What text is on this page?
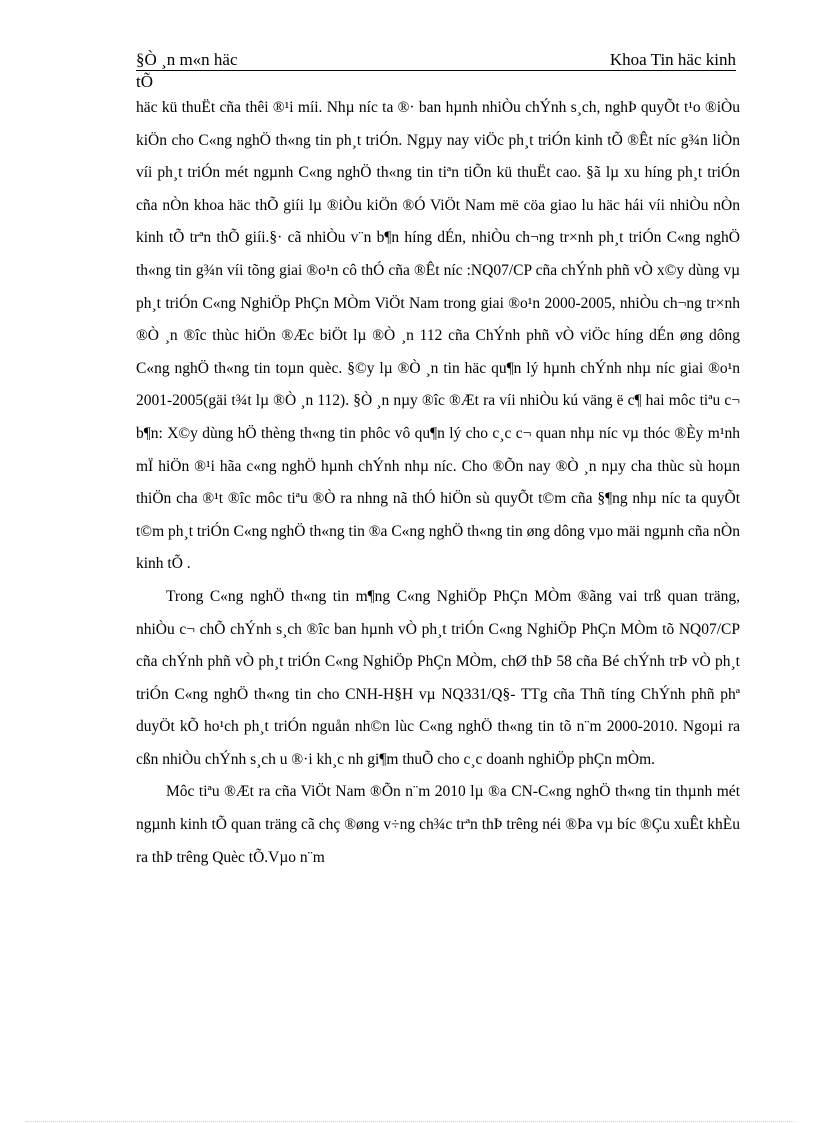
§Ò ¸n m«n häc	Khoa Tin häc kinh
tÕ

häc kü thuËt cña thêi ®¹i míi. Nhµ níc ta ®· ban hµnh nhiÒu chÝnh s¸ch, nghÞ quyÕt t¹o ®iÒu kiÖn cho C«ng nghÖ th«ng tin ph¸t triÓn. Ngµy nay viÖc ph¸t triÓn kinh tÕ ®Êt níc g¾n liÒn víi ph¸t triÓn mét ngµnh C«ng nghÖ th«ng tin tiªn tiÕn kü thuËt cao. §ã lµ xu híng ph¸t triÓn cña nÒn khoa häc thÕ giíi lµ ®iÒu kiÖn ®Ó ViÖt Nam më cöa giao lu häc hái víi nhiÒu nÒn kinh tÕ trªn thÕ giíi.§· cã nhiÒu v¨n b¶n híng dÉn, nhiÒu ch¬ng tr×nh ph¸t triÓn C«ng nghÖ th«ng tin g¾n víi tõng giai ®o¹n cô thÓ cña ®Êt níc :NQ07/CP cña chÝnh phñ vÒ x©y dùng vµ ph¸t triÓn C«ng NghiÖp PhÇn MÒm ViÖt Nam trong giai ®o¹n 2000-2005, nhiÒu ch¬ng tr×nh ®Ò ¸n ®îc thùc hiÖn ®Æc biÖt lµ ®Ò ¸n 112 cña ChÝnh phñ vÒ viÖc híng dÉn øng dông C«ng nghÖ th«ng tin toµn quèc. §©y lµ ®Ò ¸n tin häc qu¶n lý hµnh chÝnh nhµ níc giai ®o¹n 2001-2005(gäi t¾t lµ ®Ò ¸n 112). §Ò ¸n nµy ®îc ®Æt ra víi nhiÒu kú väng ë c¶ hai môc tiªu c¬ b¶n: X©y dùng hÖ thèng th«ng tin phôc vô qu¶n lý cho c¸c c¬ quan nhµ níc vµ thóc ®Èy m¹nh mÏ hiÖn ®¹i hãa c«ng nghÖ hµnh chÝnh nhµ níc. Cho ®Õn nay ®Ò ¸n nµy cha thùc sù hoµn thiÖn cha ®¹t ®îc môc tiªu ®Ò ra nhng nã thÓ hiÖn sù quyÕt t©m cña §¶ng nhµ níc ta quyÕt t©m ph¸t triÓn C«ng nghÖ th«ng tin ®a C«ng nghÖ th«ng tin øng dông vµo mäi ngµnh cña nÒn kinh tÕ .

Trong C«ng nghÖ th«ng tin m¶ng C«ng NghiÖp PhÇn MÒm ®ãng vai trß quan träng, nhiÒu c¬ chÕ chÝnh s¸ch ®îc ban hµnh vÒ ph¸t triÓn C«ng NghiÖp PhÇn MÒm tõ NQ07/CP cña chÝnh phñ vÒ ph¸t triÓn C«ng NghiÖp PhÇn MÒm, chØ thÞ 58 cña Bé chÝnh trÞ vÒ ph¸t triÓn C«ng nghÖ th«ng tin cho CNH-H§H vµ NQ331/Q§- TTg cña Thñ tíng ChÝnh phñ phª duyÖt kÕ ho¹ch ph¸t triÓn nguån nh©n lùc C«ng nghÖ th«ng tin tõ n¨m 2000-2010. Ngoµi ra cßn nhiÒu chÝnh s¸ch u ®·i kh¸c nh gi¶m thuÕ cho c¸c doanh nghiÖp phÇn mÒm.

Môc tiªu ®Æt ra cña ViÖt Nam ®Õn n¨m 2010 lµ ®a CN-C«ng nghÖ th«ng tin thµnh mét ngµnh kinh tÕ quan träng cã chç ®øng v÷ng ch¾c trªn thÞ trêng néi ®Þa vµ bíc ®Çu xuÊt khÈu ra thÞ trêng Quèc tÕ.Vµo n¨m
